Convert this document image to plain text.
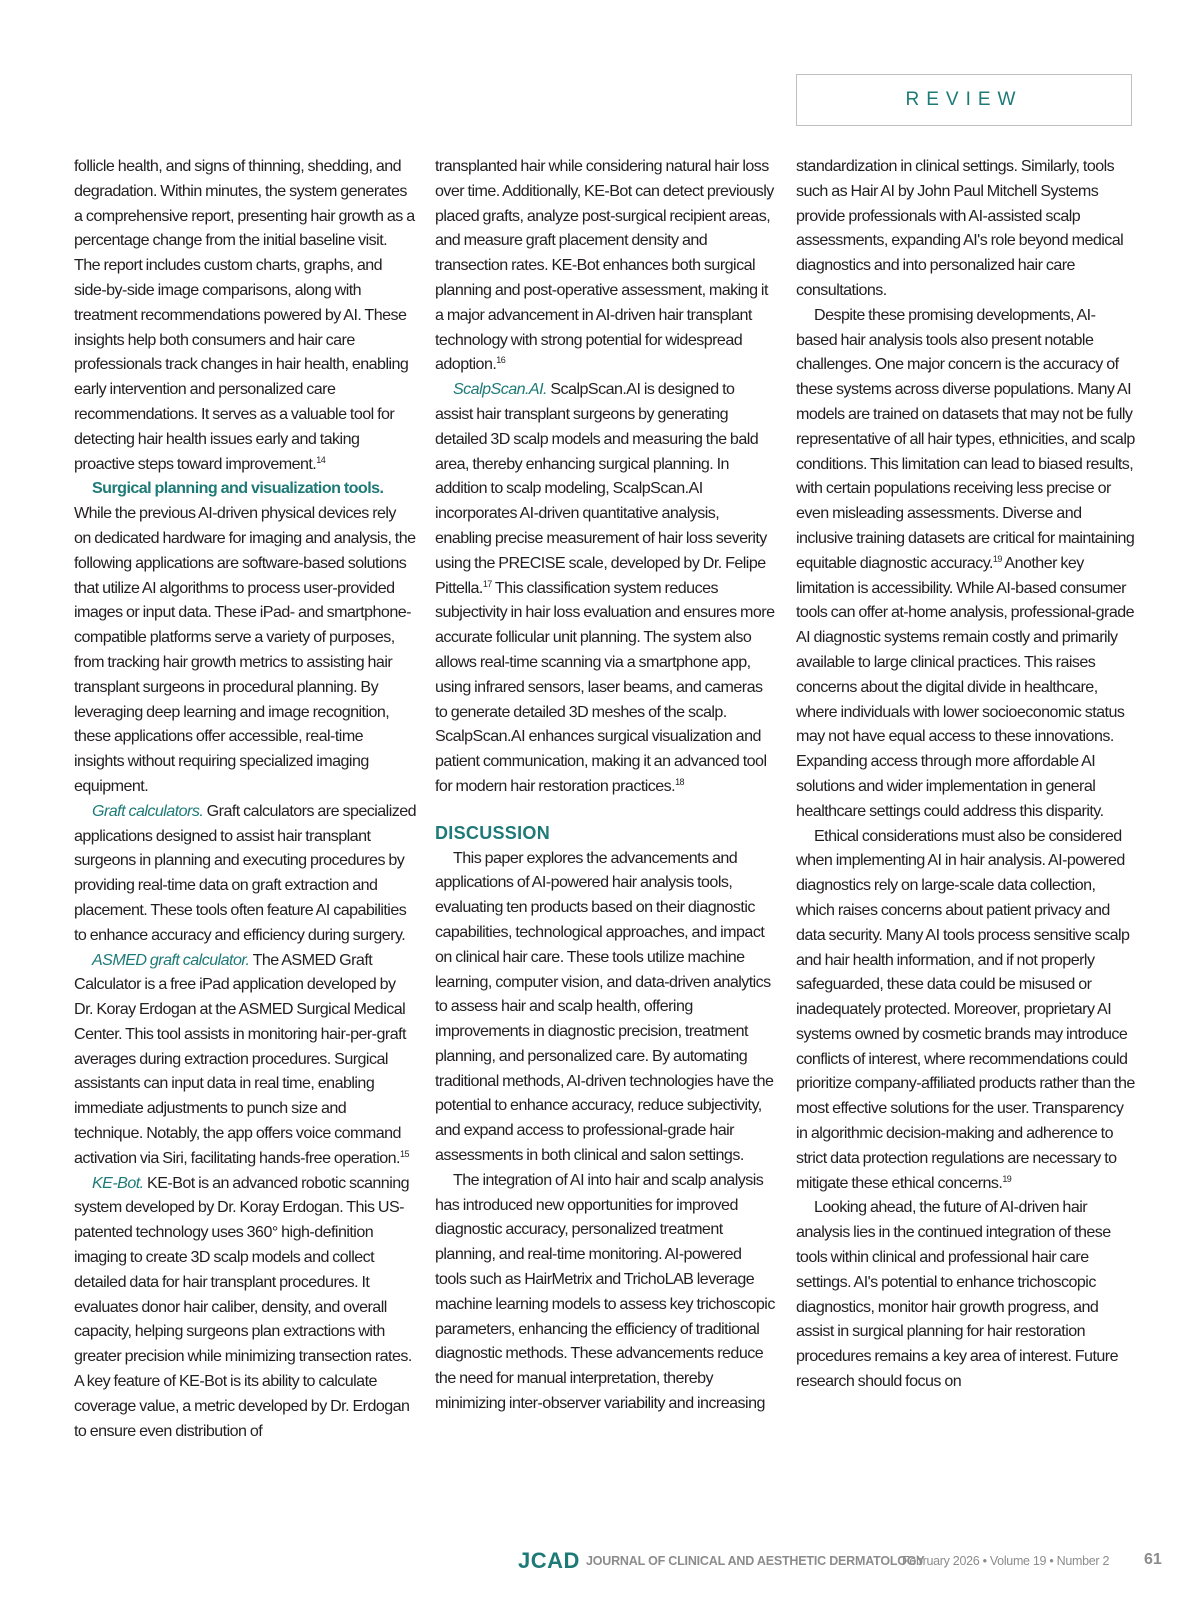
REVIEW

follicle health, and signs of thinning, shedding, and degradation. Within minutes, the system generates a comprehensive report, presenting hair growth as a percentage change from the initial baseline visit. The report includes custom charts, graphs, and side-by-side image comparisons, along with treatment recommendations powered by AI. These insights help both consumers and hair care professionals track changes in hair health, enabling early intervention and personalized care recommendations. It serves as a valuable tool for detecting hair health issues early and taking proactive steps toward improvement.$^{14}$

Surgical planning and visualization tools. While the previous AI-driven physical devices rely on dedicated hardware for imaging and analysis, the following applications are software-based solutions that utilize AI algorithms to process user-provided images or input data. These iPad- and smartphone-compatible platforms serve a variety of purposes, from tracking hair growth metrics to assisting hair transplant surgeons in procedural planning. By leveraging deep learning and image recognition, these applications offer accessible, real-time insights without requiring specialized imaging equipment.

Graft calculators. Graft calculators are specialized applications designed to assist hair transplant surgeons in planning and executing procedures by providing real-time data on graft extraction and placement. These tools often feature AI capabilities to enhance accuracy and efficiency during surgery.

ASMED graft calculator. The ASMED Graft Calculator is a free iPad application developed by Dr. Koray Erdogan at the ASMED Surgical Medical Center. This tool assists in monitoring hair-per-graft averages during extraction procedures. Surgical assistants can input data in real time, enabling immediate adjustments to punch size and technique. Notably, the app offers voice command activation via Siri, facilitating hands-free operation.$^{15}$

KE-Bot. KE-Bot is an advanced robotic scanning system developed by Dr. Koray Erdogan. This US-patented technology uses 360° high-definition imaging to create 3D scalp models and collect detailed data for hair transplant procedures. It evaluates donor hair caliber, density, and overall capacity, helping surgeons plan extractions with greater precision while minimizing transection rates. A key feature of KE-Bot is its ability to calculate coverage value, a metric developed by Dr. Erdogan to ensure even distribution of

transplanted hair while considering natural hair loss over time. Additionally, KE-Bot can detect previously placed grafts, analyze post-surgical recipient areas, and measure graft placement density and transection rates. KE-Bot enhances both surgical planning and post-operative assessment, making it a major advancement in AI-driven hair transplant technology with strong potential for widespread adoption.$^{16}$

ScalpScan.AI. ScalpScan.AI is designed to assist hair transplant surgeons by generating detailed 3D scalp models and measuring the bald area, thereby enhancing surgical planning. In addition to scalp modeling, ScalpScan.AI incorporates AI-driven quantitative analysis, enabling precise measurement of hair loss severity using the PRECISE scale, developed by Dr. Felipe Pittella.$^{17}$ This classification system reduces subjectivity in hair loss evaluation and ensures more accurate follicular unit planning. The system also allows real-time scanning via a smartphone app, using infrared sensors, laser beams, and cameras to generate detailed 3D meshes of the scalp. ScalpScan.AI enhances surgical visualization and patient communication, making it an advanced tool for modern hair restoration practices.$^{18}$

DISCUSSION

This paper explores the advancements and applications of AI-powered hair analysis tools, evaluating ten products based on their diagnostic capabilities, technological approaches, and impact on clinical hair care. These tools utilize machine learning, computer vision, and data-driven analytics to assess hair and scalp health, offering improvements in diagnostic precision, treatment planning, and personalized care. By automating traditional methods, AI-driven technologies have the potential to enhance accuracy, reduce subjectivity, and expand access to professional-grade hair assessments in both clinical and salon settings.

The integration of AI into hair and scalp analysis has introduced new opportunities for improved diagnostic accuracy, personalized treatment planning, and real-time monitoring. AI-powered tools such as HairMetrix and TrichoLAB leverage machine learning models to assess key trichoscopic parameters, enhancing the efficiency of traditional diagnostic methods. These advancements reduce the need for manual interpretation, thereby minimizing inter-observer variability and increasing

standardization in clinical settings. Similarly, tools such as Hair AI by John Paul Mitchell Systems provide professionals with AI-assisted scalp assessments, expanding AI's role beyond medical diagnostics and into personalized hair care consultations.

Despite these promising developments, AI-based hair analysis tools also present notable challenges. One major concern is the accuracy of these systems across diverse populations. Many AI models are trained on datasets that may not be fully representative of all hair types, ethnicities, and scalp conditions. This limitation can lead to biased results, with certain populations receiving less precise or even misleading assessments. Diverse and inclusive training datasets are critical for maintaining equitable diagnostic accuracy.$^{19}$ Another key limitation is accessibility. While AI-based consumer tools can offer at-home analysis, professional-grade AI diagnostic systems remain costly and primarily available to large clinical practices. This raises concerns about the digital divide in healthcare, where individuals with lower socioeconomic status may not have equal access to these innovations. Expanding access through more affordable AI solutions and wider implementation in general healthcare settings could address this disparity.

Ethical considerations must also be considered when implementing AI in hair analysis. AI-powered diagnostics rely on large-scale data collection, which raises concerns about patient privacy and data security. Many AI tools process sensitive scalp and hair health information, and if not properly safeguarded, these data could be misused or inadequately protected. Moreover, proprietary AI systems owned by cosmetic brands may introduce conflicts of interest, where recommendations could prioritize company-affiliated products rather than the most effective solutions for the user. Transparency in algorithmic decision-making and adherence to strict data protection regulations are necessary to mitigate these ethical concerns.$^{19}$

Looking ahead, the future of AI-driven hair analysis lies in the continued integration of these tools within clinical and professional hair care settings. AI's potential to enhance trichoscopic diagnostics, monitor hair growth progress, and assist in surgical planning for hair restoration procedures remains a key area of interest. Future research should focus on

JCAD JOURNAL OF CLINICAL AND AESTHETIC DERMATOLOGY
February 2026 • Volume 19 • Number 2 61
